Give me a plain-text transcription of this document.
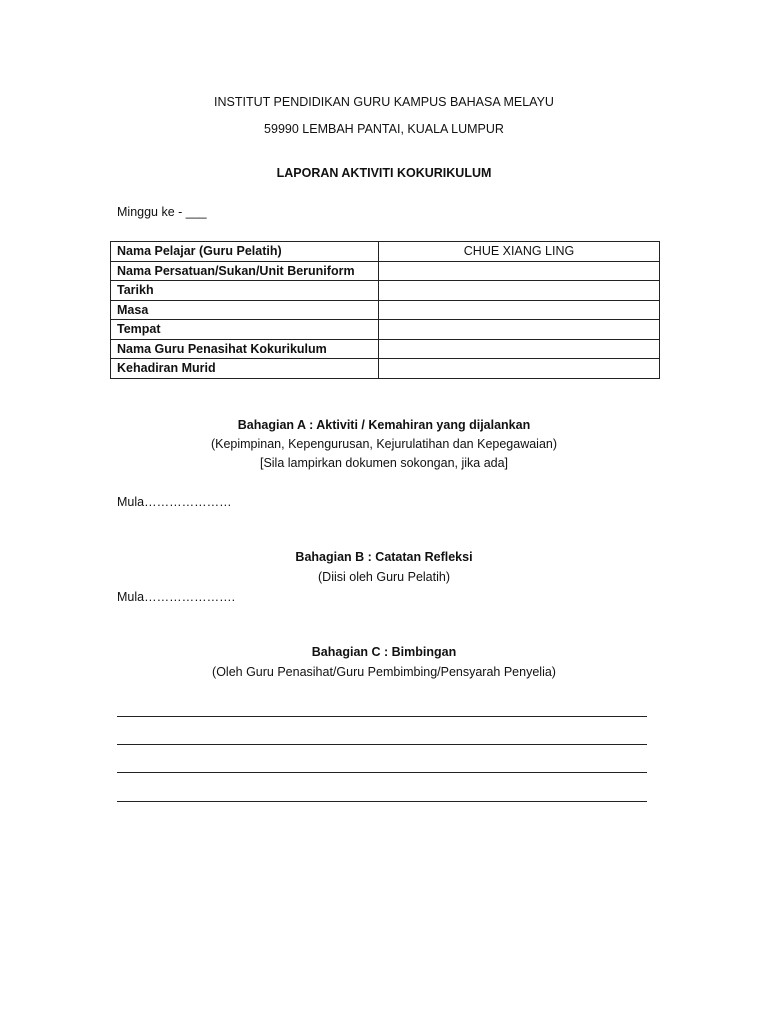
INSTITUT PENDIDIKAN GURU KAMPUS BAHASA MELAYU
59990 LEMBAH PANTAI, KUALA LUMPUR
LAPORAN AKTIVITI KOKURIKULUM
Minggu ke - ___
Nama Pelajar (Guru Pelatih)	CHUE XIANG LING
Nama Persatuan/Sukan/Unit Beruniform	
Tarikh	
Masa	
Tempat	
Nama Guru Penasihat Kokurikulum	
Kehadiran Murid	
Bahagian A : Aktiviti / Kemahiran yang dijalankan
(Kepimpinan, Kepengurusan, Kejurulatihan dan Kepegawaian)
[Sila lampirkan dokumen sokongan, jika ada]
Mula…………………
Bahagian B : Catatan Refleksi
(Diisi oleh Guru Pelatih)
Mula………………….
Bahagian C : Bimbingan
(Oleh Guru Penasihat/Guru Pembimbing/Pensyarah Penyelia)
